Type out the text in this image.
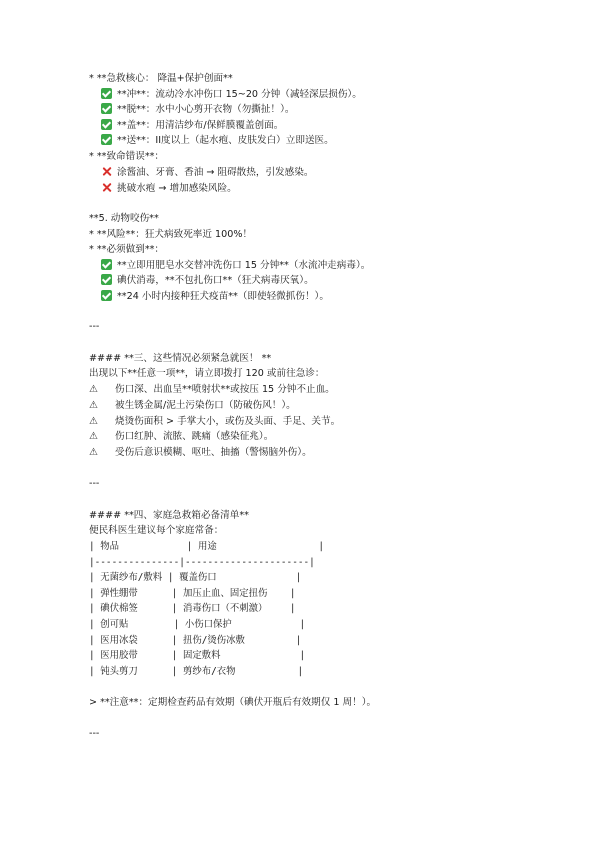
* **急救核心： 降温+保护创面**
**冲**：流动冷水冲伤口 15~20 分钟（减轻深层损伤）。
**脱**：水中小心剪开衣物（勿撕扯！）。
**盖**：用清洁纱布/保鲜膜覆盖创面。
**送**：II度以上（起水疱、皮肤发白）立即送医。
* **致命错误**：
涂酱油、牙膏、香油 → 阻碍散热，引发感染。
挑破水疱 → 增加感染风险。
**5. 动物咬伤**
* **风险**：狂犬病致死率近 100%！
* **必须做到**：
**立即用肥皂水交替冲洗伤口 15 分钟**（水流冲走病毒）。
碘伏消毒，**不包扎伤口**（狂犬病毒厌氧）。
**24 小时内接种狂犬疫苗**（即使轻微抓伤！）。
---
#### **三、这些情况必须紧急就医！ **
出现以下**任意一项**，请立即拨打 120 或前往急诊：
⚠ 伤口深、出血呈**喷射状**或按压 15 分钟不止血。
⚠ 被生锈金属/泥土污染伤口（防破伤风！）。
⚠ 烧烫伤面积 > 手掌大小，或伤及头面、手足、关节。
⚠ 伤口红肿、流脓、跳痛（感染征兆）。
⚠ 受伤后意识模糊、呕吐、抽搐（警惕脑外伤）。
---
#### **四、家庭急救箱必备清单**
便民科医生建议每个家庭常备：
| 物品            | 用途                  |
|---------------|----------------------|
| 无菌纱布/敷料 | 覆盖伤口              |
| 弹性绷带      | 加压止血、固定扭伤    |
| 碘伏棉签      | 消毒伤口（不刺激）    |
| 创可贴        | 小伤口保护            |
| 医用冰袋      | 扭伤/烫伤冰敷         |
| 医用胶带      | 固定敷料              |
| 钝头剪刀      | 剪纱布/衣物           |
> **注意**：定期检查药品有效期（碘伏开瓶后有效期仅 1 周！）。
---
